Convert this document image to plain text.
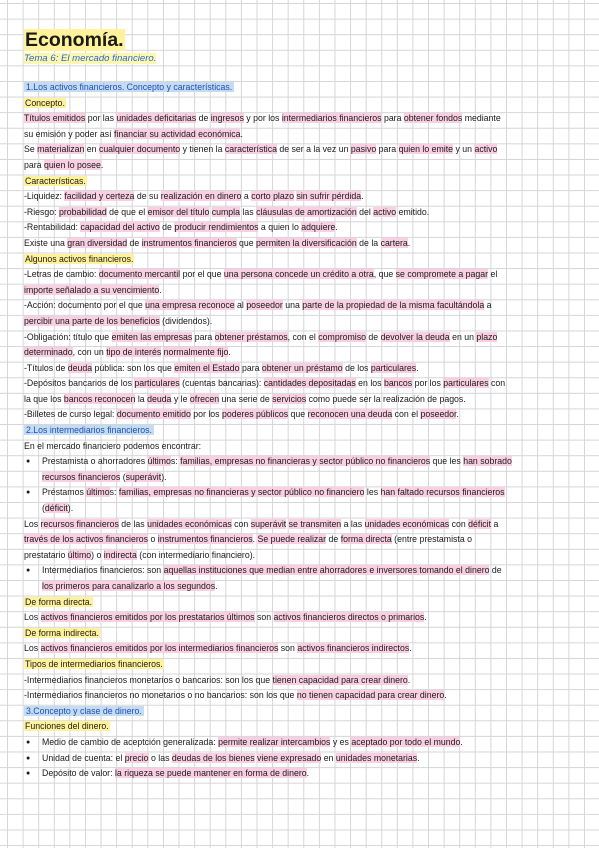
Economía.

Tema 6: El mercado financiero.

1.Los activos financieros. Concepto y características.

Concepto.

Títulos emitidos por las unidades deficitarias de ingresos y por los intermediarios financieros para obtener fondos mediante

su emisión y poder así financiar su actividad económica.

Se materializan en cualquier documento y tienen la característica de ser a la vez un pasivo para quien lo emite y un activo

para quien lo posee.

Características.

-Liquidez: facilidad y certeza de su realización en dinero a corto plazo sin sufrir pérdida.

-Riesgo: probabilidad de que el emisor del título cumpla las cláusulas de amortización del activo emitido.

-Rentabilidad: capacidad del activo de producir rendimientos a quien lo adquiere.

Existe una gran diversidad de instrumentos financieros que permiten la diversificación de la cartera.

Algunos activos financieros.

-Letras de cambio: documento mercantil por el que una persona concede un crédito a otra, que se compromete a pagar el

importe señalado a su vencimiento.

-Acción: documento por el que una empresa reconoce al poseedor una parte de la propiedad de la misma facultándola a

percibir una parte de los beneficios (dividendos).

-Obligación: título que emiten las empresas para obtener préstamos, con el compromiso de devolver la deuda en un plazo

determinado, con un tipo de interés normalmente fijo.

-Títulos de deuda pública: son los que emiten el Estado para obtener un préstamo de los particulares.

-Depósitos bancarios de los particulares (cuentas bancarias): cantidades depositadas en los bancos por los particulares con

la que los bancos reconocen la deuda y le ofrecen una serie de servicios como puede ser la realización de pagos.

-Billetes de curso legal: documento emitido por los poderes públicos que reconocen una deuda con el poseedor.

2.Los intermediarios financieros.

En el mercado financiero podemos encontrar:

● Prestamista o ahorradores últimos: familias, empresas no financieras y sector público no financieros que les han sobrado

recursos financieros (superávit).

● Préstamos últimos: familias, empresas no financieras y sector público no financiero les han faltado recursos financieros

(déficit).

Los recursos financieros de las unidades económicas con superávit se transmiten a las unidades económicas con déficit a

través de los activos financieros o instrumentos financieros. Se puede realizar de forma directa (entre prestamista o

prestatario último) o indirecta (con intermediario financiero).

● Intermediarios financieros: son aquellas instituciones que median entre ahorradores e inversores tomando el dinero de

los primeros para canalizarlo a los segundos.

De forma directa.

Los activos financieros emitidos por los prestatarios últimos son activos financieros directos o primarios.

De forma indirecta.

Los activos financieros emitidos por los intermediarios financieros son activos financieros indirectos.

Tipos de intermediarios financieros.

-Intermediarios financieros monetarios o bancarios: son los que tienen capacidad para crear dinero.

-Intermediarios financieros no monetarios o no bancarios: son los que no tienen capacidad para crear dinero.

3.Concepto y clase de dinero.

Funciones del dinero.

● Medio de cambio de aceptción generalizada: permite realizar intercambios y es aceptado por todo el mundo.

● Unidad de cuenta: el precio o las deudas de los bienes viene expresado en unidades monetarias.

● Depósito de valor: la riqueza se puede mantener en forma de dinero.
